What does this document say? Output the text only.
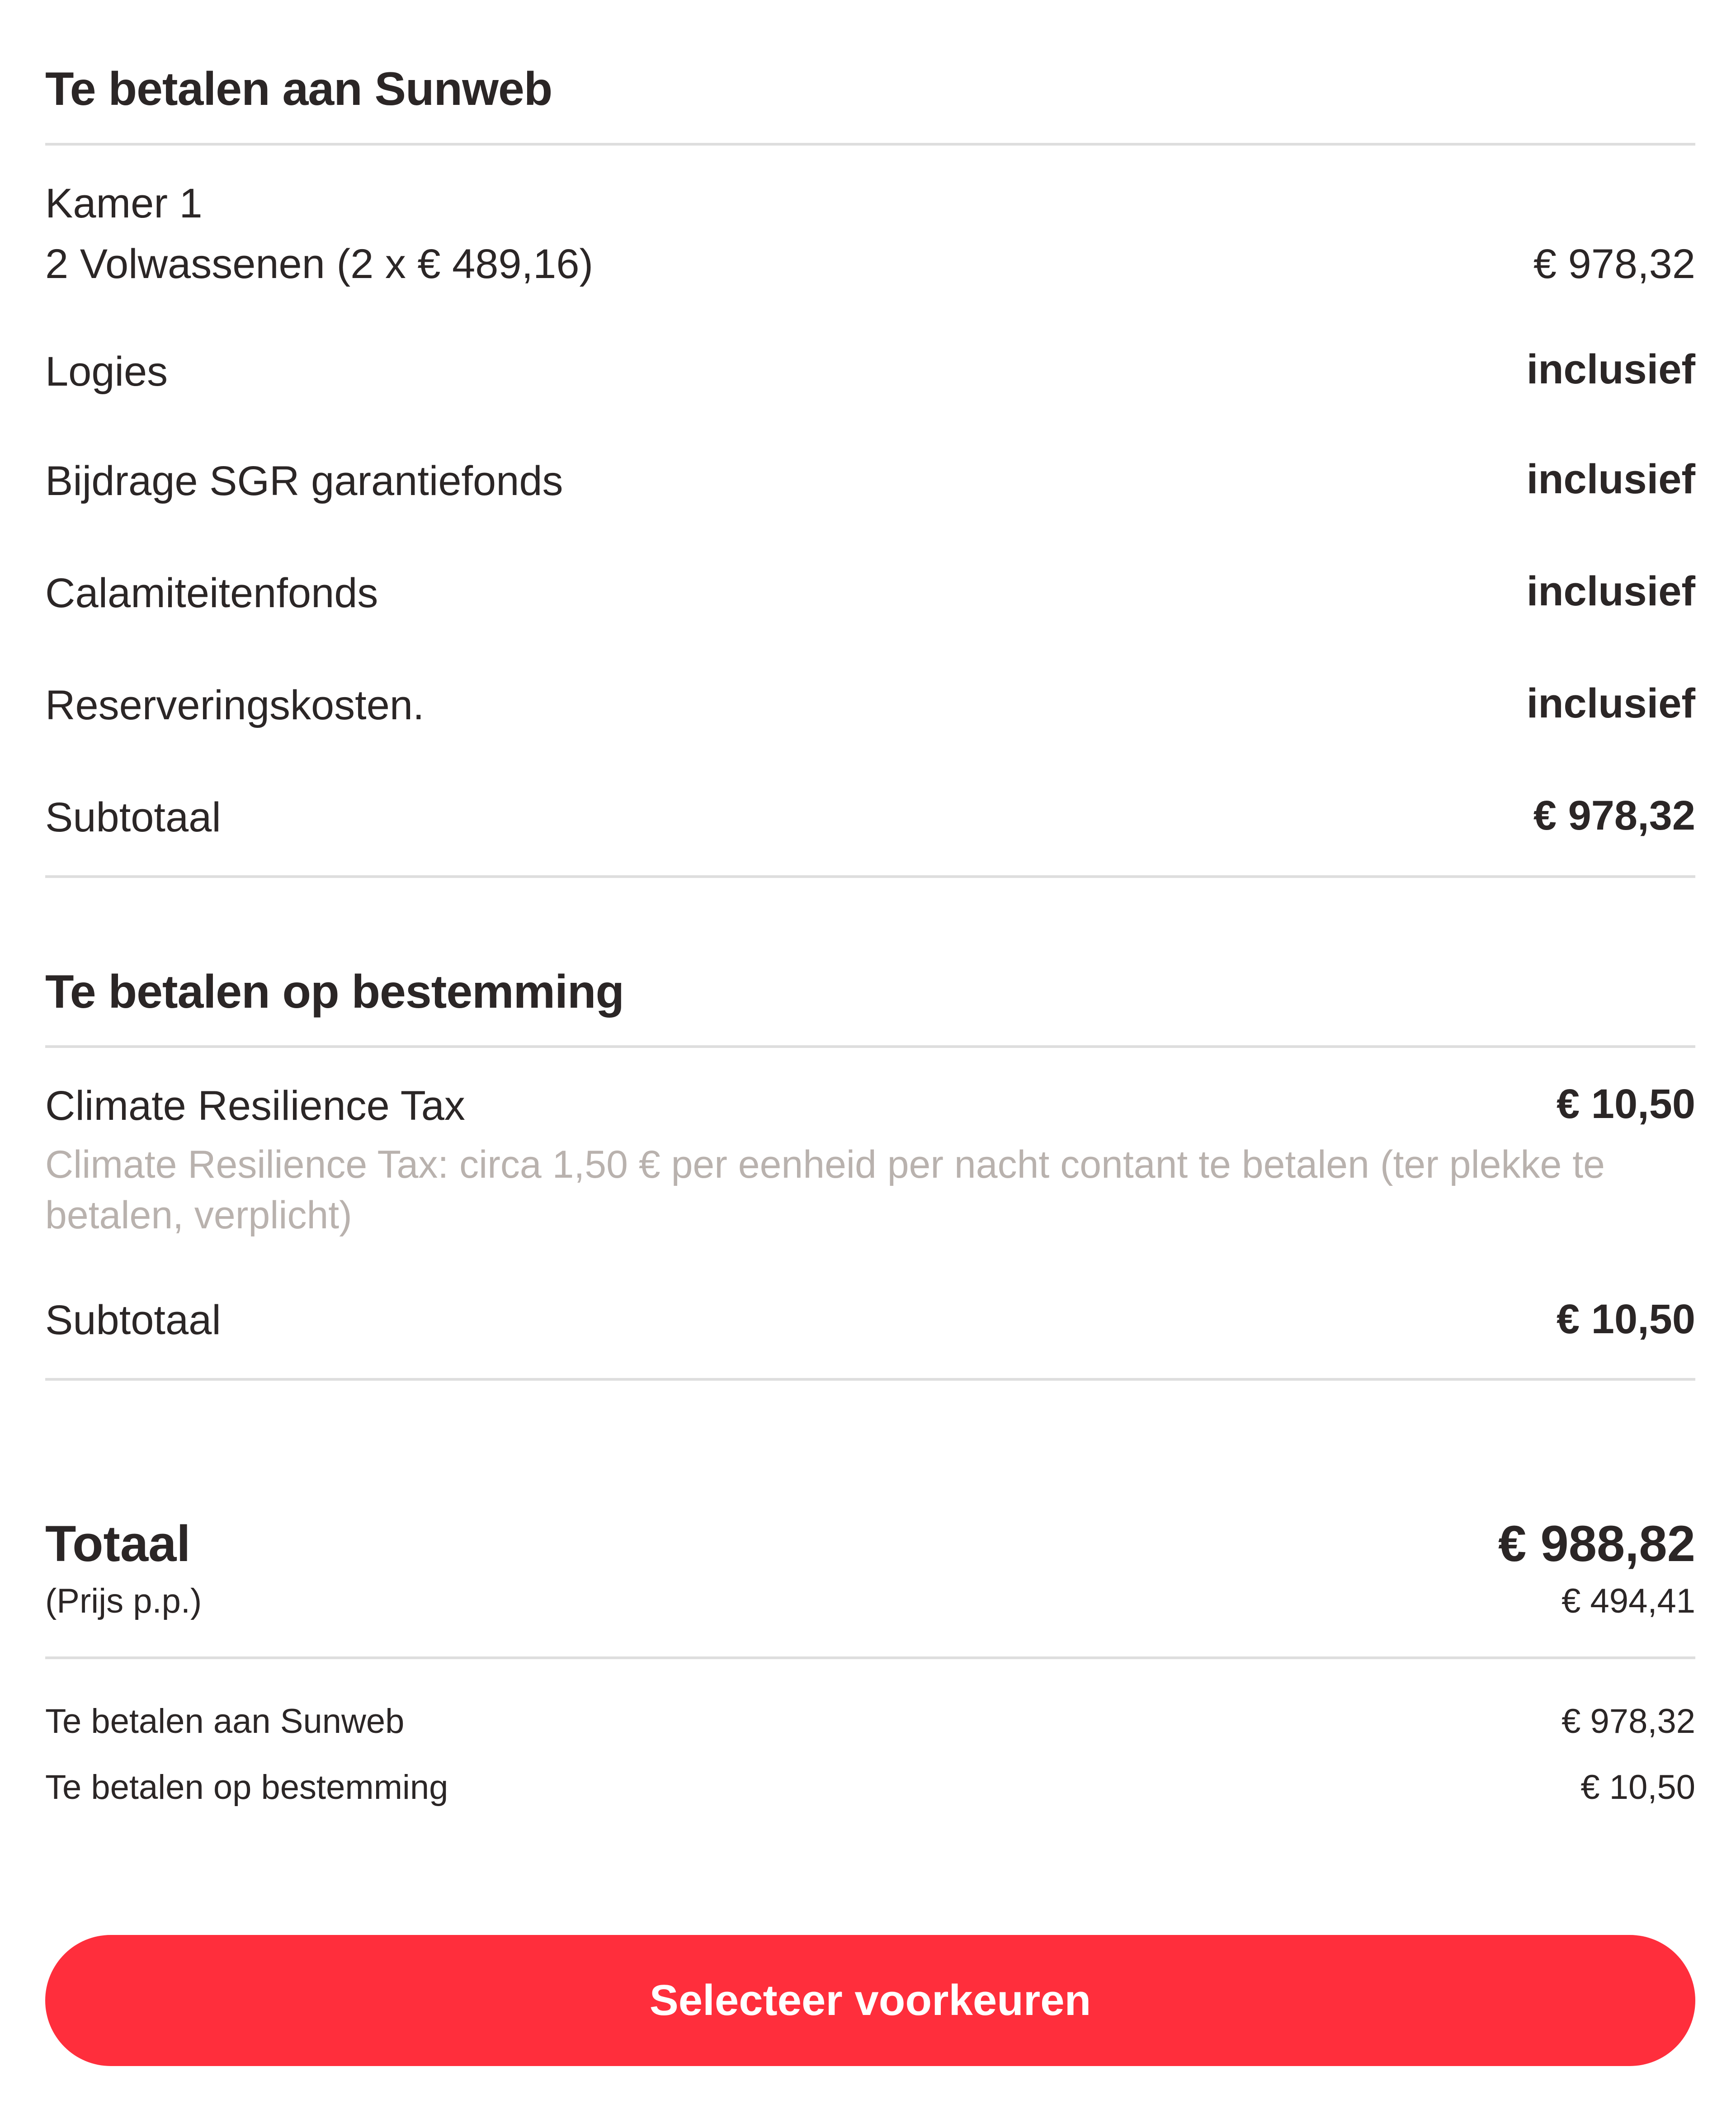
Te betalen aan Sunweb
Kamer 1
2 Volwassenen (2 x € 489,16)	€ 978,32
Logies	inclusief
Bijdrage SGR garantiefonds	inclusief
Calamiteitenfonds	inclusief
Reserveringskosten.	inclusief
Subtotaal	€ 978,32
Te betalen op bestemming
Climate Resilience Tax	€ 10,50
Climate Resilience Tax: circa 1,50 € per eenheid per nacht contant te betalen (ter plekke te betalen, verplicht)
Subtotaal	€ 10,50
Totaal	€ 988,82
(Prijs p.p.)	€ 494,41
Te betalen aan Sunweb	€ 978,32
Te betalen op bestemming	€ 10,50
Selecteer voorkeuren
